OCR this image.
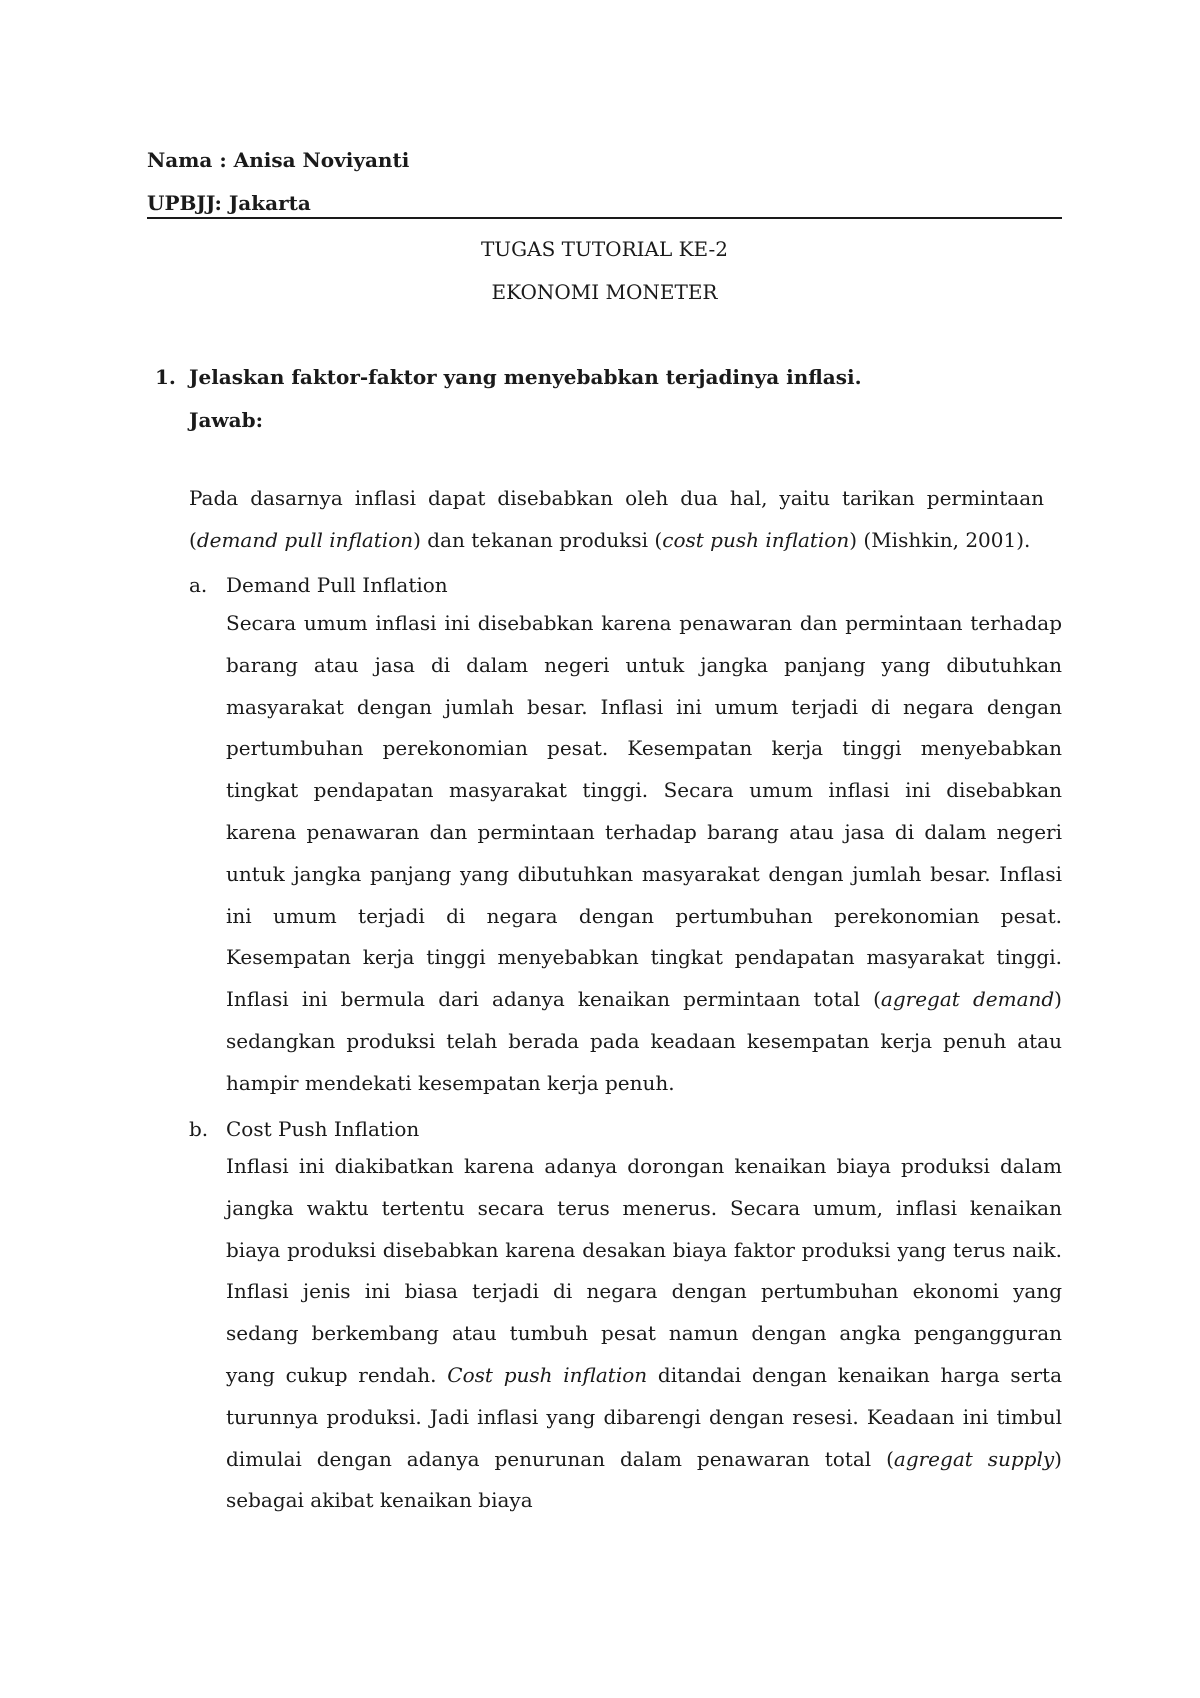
Nama : Anisa Noviyanti
UPBJJ: Jakarta
TUGAS TUTORIAL KE-2
EKONOMI MONETER
1. Jelaskan faktor-faktor yang menyebabkan terjadinya inflasi.
Jawab:
Pada dasarnya inflasi dapat disebabkan oleh dua hal, yaitu tarikan permintaan (demand pull inflation) dan tekanan produksi (cost push inflation) (Mishkin, 2001).
a. Demand Pull Inflation
Secara umum inflasi ini disebabkan karena penawaran dan permintaan terhadap barang atau jasa di dalam negeri untuk jangka panjang yang dibutuhkan masyarakat dengan jumlah besar. Inflasi ini umum terjadi di negara dengan pertumbuhan perekonomian pesat. Kesempatan kerja tinggi menyebabkan tingkat pendapatan masyarakat tinggi. Secara umum inflasi ini disebabkan karena penawaran dan permintaan terhadap barang atau jasa di dalam negeri untuk jangka panjang yang dibutuhkan masyarakat dengan jumlah besar. Inflasi ini umum terjadi di negara dengan pertumbuhan perekonomian pesat. Kesempatan kerja tinggi menyebabkan tingkat pendapatan masyarakat tinggi. Inflasi ini bermula dari adanya kenaikan permintaan total (agregat demand) sedangkan produksi telah berada pada keadaan kesempatan kerja penuh atau hampir mendekati kesempatan kerja penuh.
b. Cost Push Inflation
Inflasi ini diakibatkan karena adanya dorongan kenaikan biaya produksi dalam jangka waktu tertentu secara terus menerus. Secara umum, inflasi kenaikan biaya produksi disebabkan karena desakan biaya faktor produksi yang terus naik. Inflasi jenis ini biasa terjadi di negara dengan pertumbuhan ekonomi yang sedang berkembang atau tumbuh pesat namun dengan angka pengangguran yang cukup rendah. Cost push inflation ditandai dengan kenaikan harga serta turunnya produksi. Jadi inflasi yang dibarengi dengan resesi. Keadaan ini timbul dimulai dengan adanya penurunan dalam penawaran total (agregat supply) sebagai akibat kenaikan biaya
